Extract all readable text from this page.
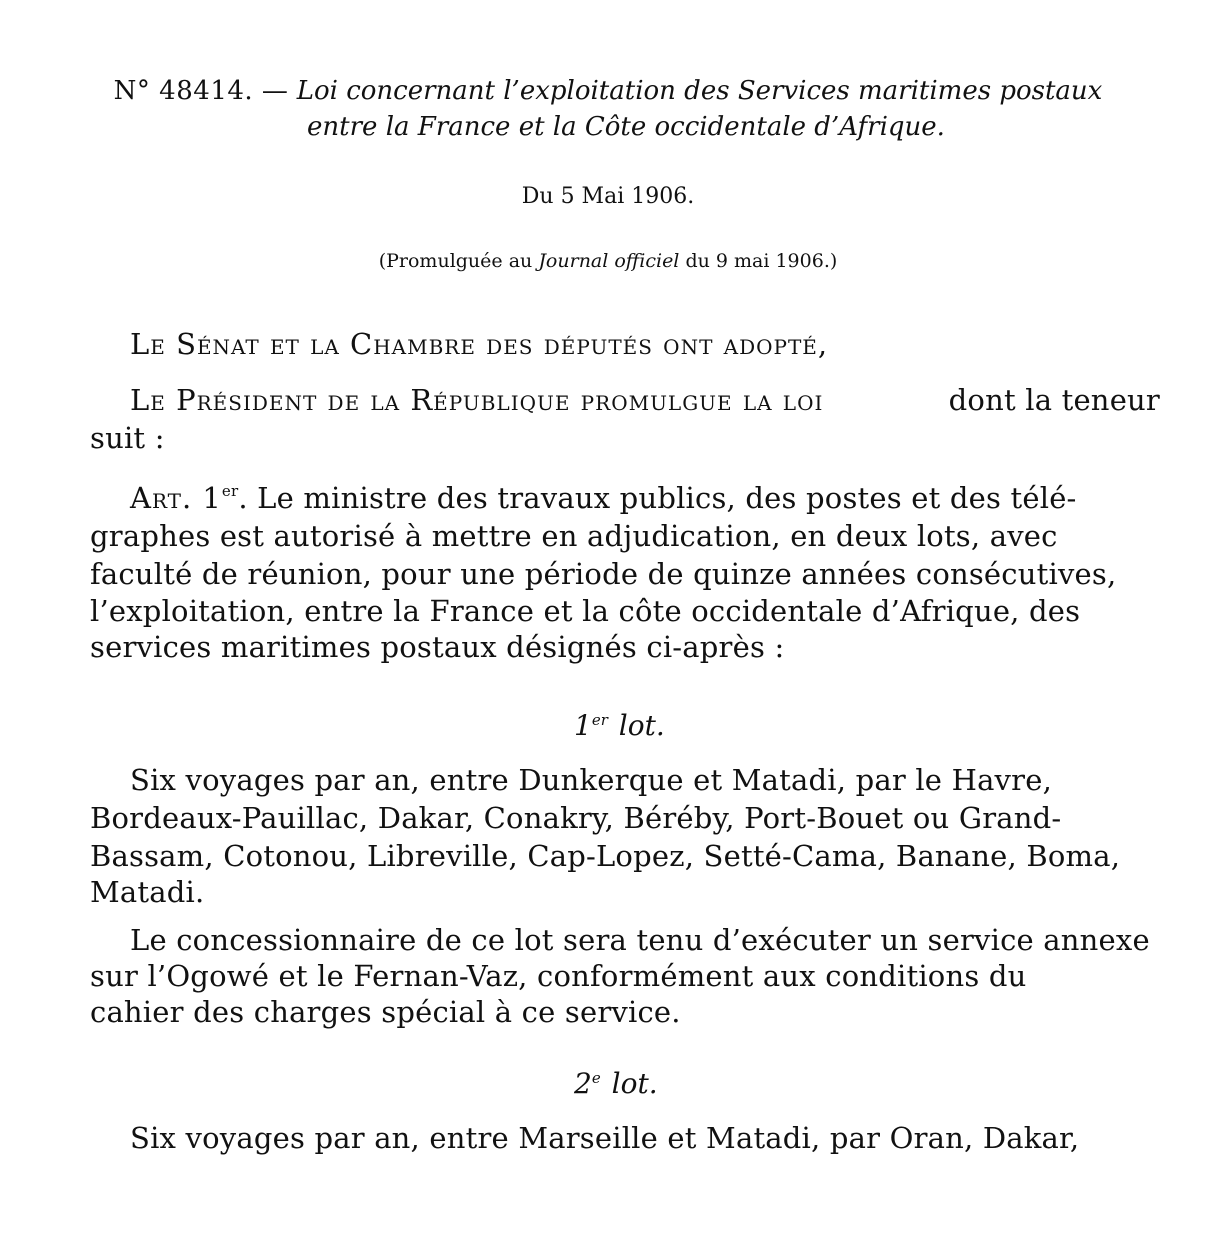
N° 48414. — Loi concernant l’exploitation des Services maritimes postaux
entre la France et la Côte occidentale d’Afrique.
Du 5 Mai 1906.
(Promulguée au Journal officiel du 9 mai 1906.)
Le Sénat et la Chambre des députés ont adopté,
Le Président de la République promulgue la loi	dont la teneur
suit :
Art. 1er. Le ministre des travaux publics, des postes et des télé-
graphes est autorisé à mettre en adjudication, en deux lots, avec
faculté de réunion, pour une période de quinze années consécutives,
l’exploitation, entre la France et la côte occidentale d’Afrique, des
services maritimes postaux désignés ci-après :
1er lot.
Six voyages par an, entre Dunkerque et Matadi, par le Havre,
Bordeaux-Pauillac, Dakar, Conakry, Béréby, Port-Bouet ou Grand-
Bassam, Cotonou, Libreville, Cap-Lopez, Setté-Cama, Banane, Boma,
Matadi.
Le concessionnaire de ce lot sera tenu d’exécuter un service annexe
sur l’Ogowé et le Fernan-Vaz, conformément aux conditions du
cahier des charges spécial à ce service.
2e lot.
Six voyages par an, entre Marseille et Matadi, par Oran, Dakar,
